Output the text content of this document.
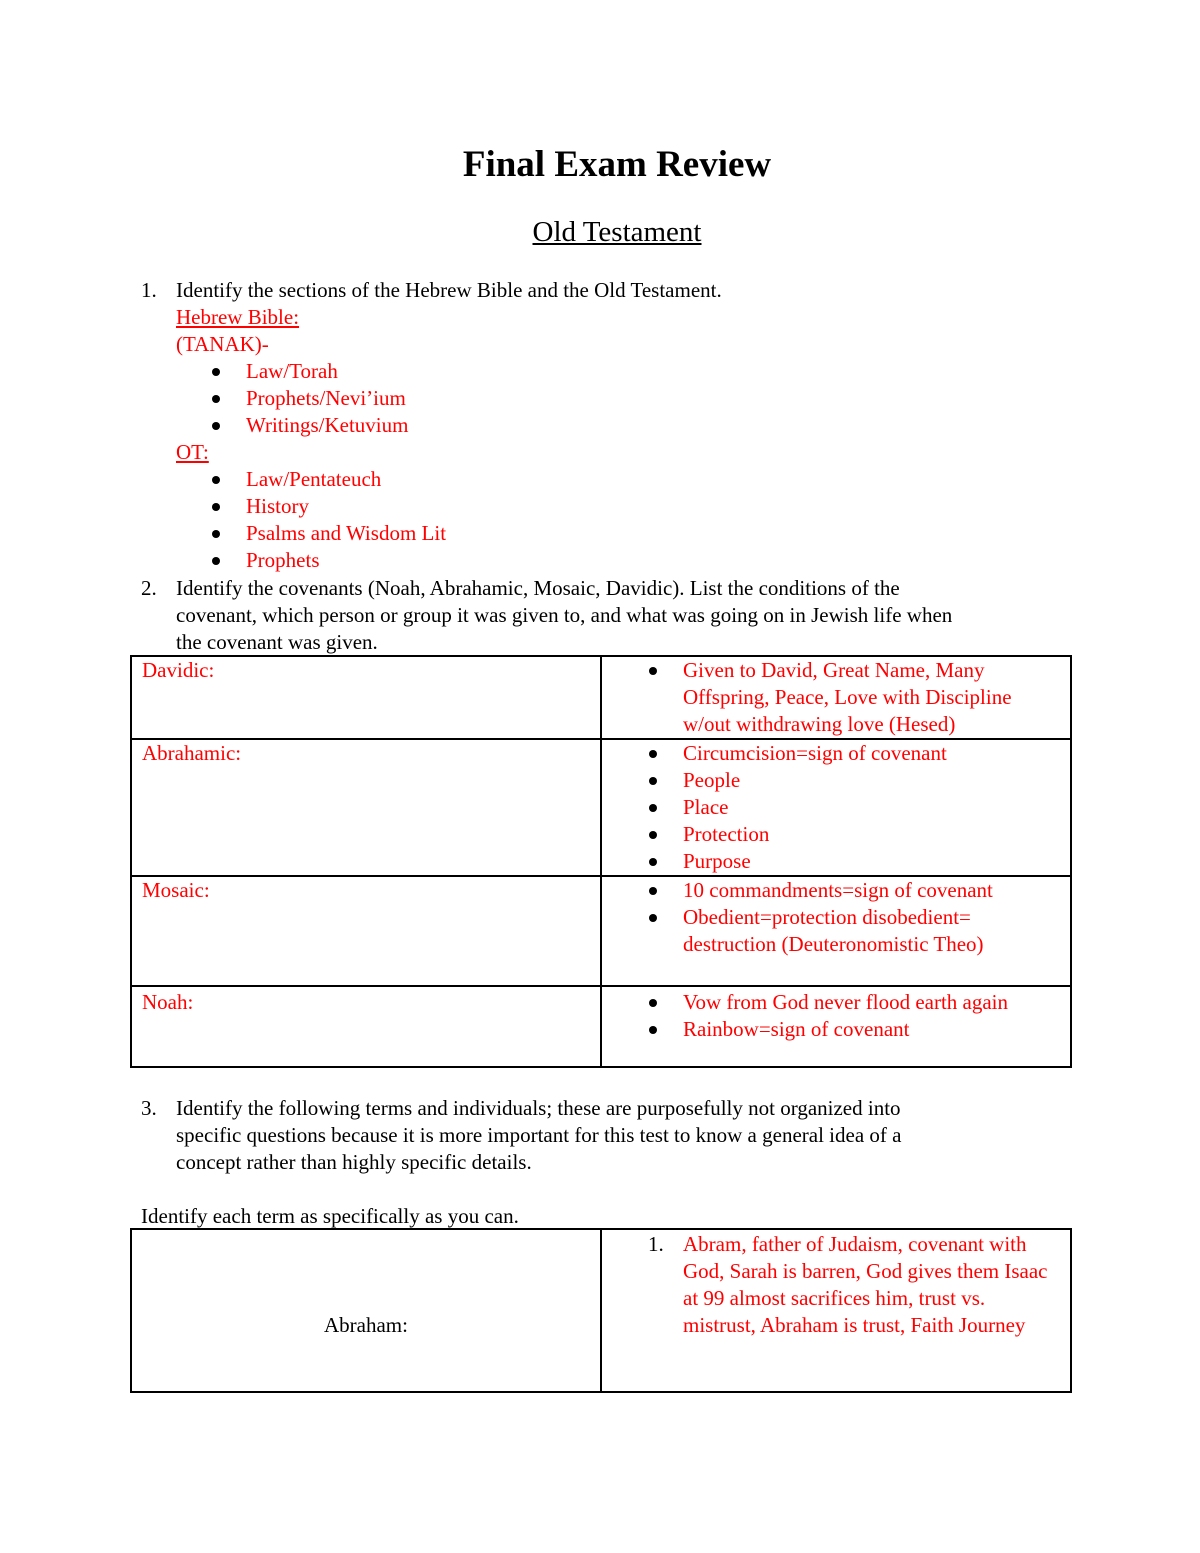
Final Exam Review
Old Testament
1. Identify the sections of the Hebrew Bible and the Old Testament.
Hebrew Bible:
(TANAK)-
Law/Torah
Prophets/Nevi’ium
Writings/Ketuvium
OT:
Law/Pentateuch
History
Psalms and Wisdom Lit
Prophets
2. Identify the covenants (Noah, Abrahamic, Mosaic, Davidic). List the conditions of the
covenant, which person or group it was given to, and what was going on in Jewish life when
the covenant was given.
Davidic:	Given to David, Great Name, Many Offspring, Peace, Love with Discipline w/out withdrawing love (Hesed)

Abrahamic:	Circumcision=sign of covenant
People
Place
Protection
Purpose

Mosaic:	10 commandments=sign of covenant
Obedient=protection disobedient= destruction (Deuteronomistic Theo)

Noah:	Vow from God never flood earth again
Rainbow=sign of covenant
3. Identify the following terms and individuals; these are purposefully not organized into
specific questions because it is more important for this test to know a general idea of a
concept rather than highly specific details.
Identify each term as specifically as you can.
Abraham:	
1. Abram, father of Judaism, covenant with God, Sarah is barren, God gives them Isaac at 99 almost sacrifices him, trust vs. mistrust, Abraham is trust, Faith Journey
